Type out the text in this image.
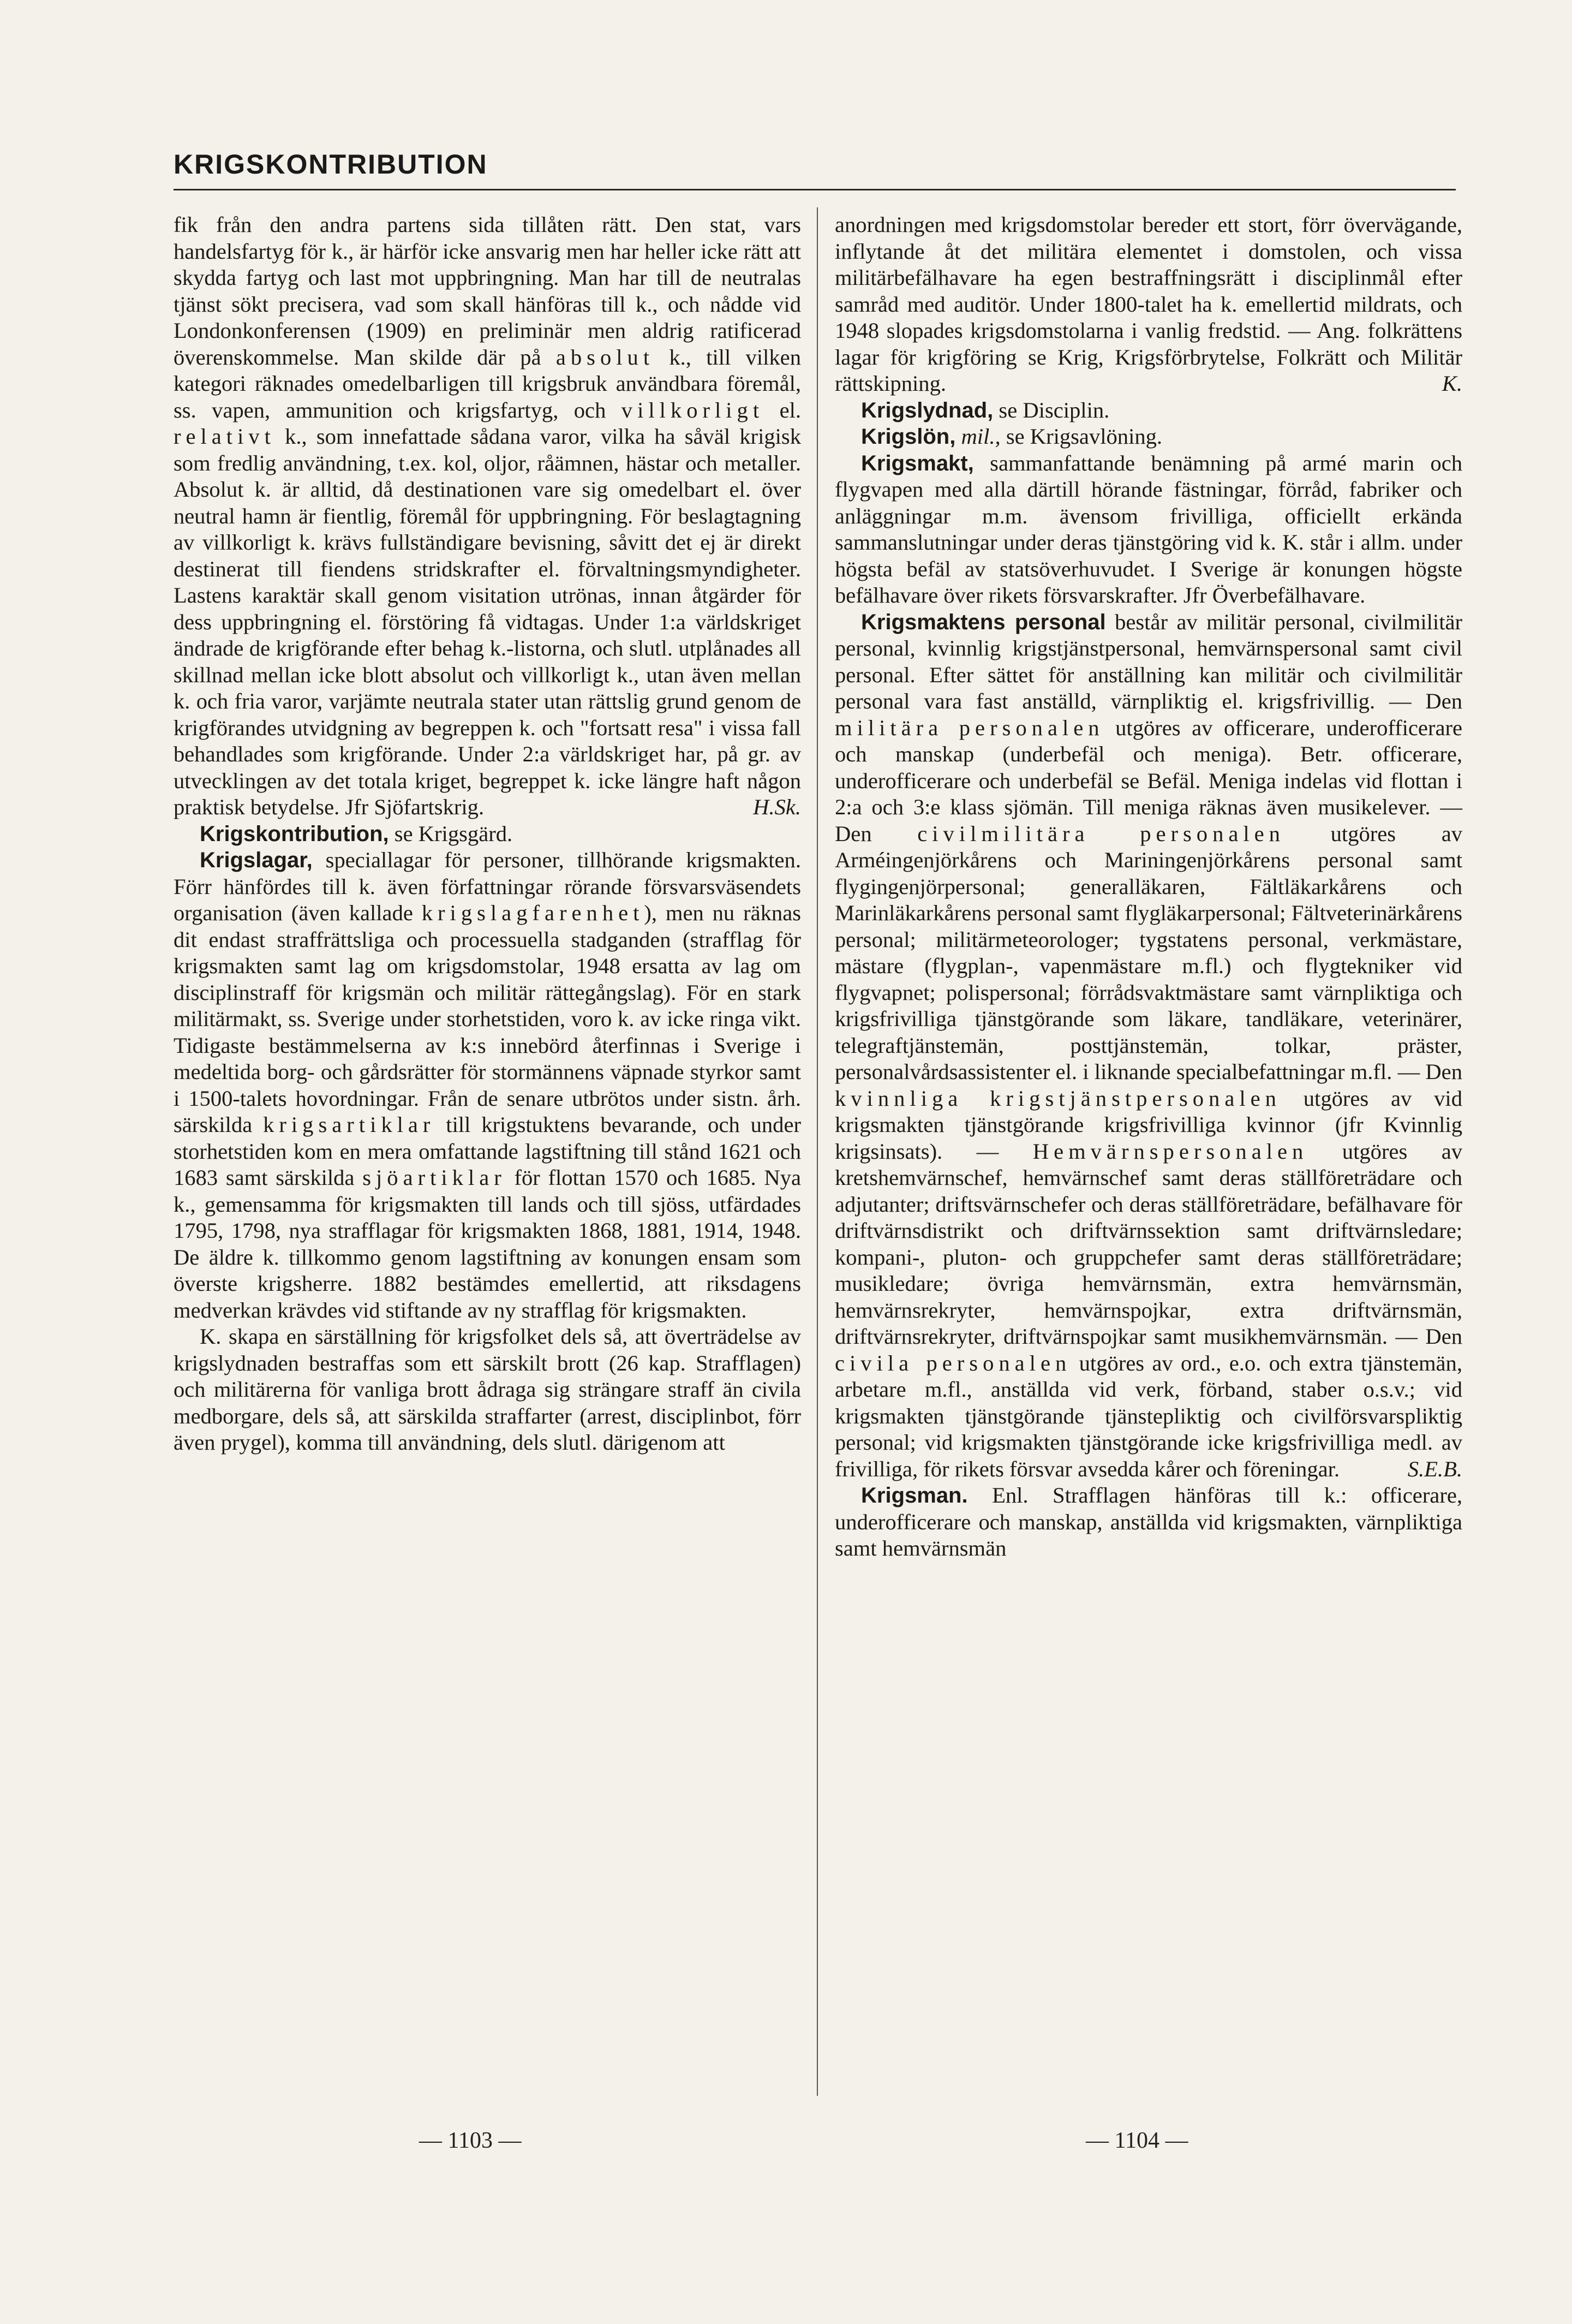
KRIGSKONTRIBUTION

fik från den andra partens sida tillåten rätt. Den stat, vars handelsfartyg för k., är härför icke ansvarig men har heller icke rätt att skydda fartyg och last mot uppbringning. Man har till de neutralas tjänst sökt precisera, vad som skall hänföras till k., och nådde vid Londonkonferensen (1909) en preliminär men aldrig ratificerad överenskommelse. Man skilde där på absolut k., till vilken kategori räknades omedelbarligen till krigsbruk användbara föremål, ss. vapen, ammunition och krigsfartyg, och villkorligt el. relativt k., som innefattade sådana varor, vilka ha såväl krigisk som fredlig användning, t.ex. kol, oljor, råämnen, hästar och metaller. Absolut k. är alltid, då destinationen vare sig omedelbart el. över neutral hamn är fientlig, föremål för uppbringning. För beslagtagning av villkorligt k. krävs fullständigare bevisning, såvitt det ej är direkt destinerat till fiendens stridskrafter el. förvaltningsmyndigheter. Lastens karaktär skall genom visitation utrönas, innan åtgärder för dess uppbringning el. förstöring få vidtagas. Under 1:a världskriget ändrade de krigförande efter behag k.-listorna, och slutl. utplånades all skillnad mellan icke blott absolut och villkorligt k., utan även mellan k. och fria varor, varjämte neutrala stater utan rättslig grund genom de krigförandes utvidgning av begreppen k. och "fortsatt resa" i vissa fall behandlades som krigförande. Under 2:a världskriget har, på gr. av utvecklingen av det totala kriget, begreppet k. icke längre haft någon praktisk betydelse. Jfr Sjöfartskrig.	H.Sk.

Krigskontribution, se Krigsgärd.

Krigslagar, speciallagar för personer, tillhörande krigsmakten. Förr hänfördes till k. även författningar rörande försvarsväsendets organisation (även kallade krigslagfarenhet), men nu räknas dit endast straffrättsliga och processuella stadganden (strafflag för krigsmakten samt lag om krigsdomstolar, 1948 ersatta av lag om disciplinstraff för krigsmän och militär rättegångslag). För en stark militärmakt, ss. Sverige under storhetstiden, voro k. av icke ringa vikt. Tidigaste bestämmelserna av k:s innebörd återfinnas i Sverige i medeltida borg- och gårdsrätter för stormännens väpnade styrkor samt i 1500-talets hovordningar. Från de senare utbrötos under sistn. årh. särskilda krigsartiklar till krigstuktens bevarande, och under storhetstiden kom en mera omfattande lagstiftning till stånd 1621 och 1683 samt särskilda sjöartiklar för flottan 1570 och 1685. Nya k., gemensamma för krigsmakten till lands och till sjöss, utfärdades 1795, 1798, nya strafflagar för krigsmakten 1868, 1881, 1914, 1948. De äldre k. tillkommo genom lagstiftning av konungen ensam som överste krigsherre. 1882 bestämdes emellertid, att riksdagens medverkan krävdes vid stiftande av ny strafflag för krigsmakten.

K. skapa en särställning för krigsfolket dels så, att överträdelse av krigslydnaden bestraffas som ett särskilt brott (26 kap. Strafflagen) och militärerna för vanliga brott ådraga sig strängare straff än civila medborgare, dels så, att särskilda straffarter (arrest, disciplinbot, förr även prygel), komma till användning, dels slutl. därigenom att

anordningen med krigsdomstolar bereder ett stort, förr övervägande, inflytande åt det militära elementet i domstolen, och vissa militärbefälhavare ha egen bestraffningsrätt i disciplinmål efter samråd med auditör. Under 1800-talet ha k. emellertid mildrats, och 1948 slopades krigsdomstolarna i vanlig fredstid. — Ang. folkrättens lagar för krigföring se Krig, Krigsförbrytelse, Folkrätt och Militär rättskipning.	K.

Krigslydnad, se Disciplin.

Krigslön, mil., se Krigsavlöning.

Krigsmakt, sammanfattande benämning på armé marin och flygvapen med alla därtill hörande fästningar, förråd, fabriker och anläggningar m.m. ävensom frivilliga, officiellt erkända sammanslutningar under deras tjänstgöring vid k. K. står i allm. under högsta befäl av statsöverhuvudet. I Sverige är konungen högste befälhavare över rikets försvarskrafter. Jfr Överbefälhavare.

Krigsmaktens personal består av militär personal, civilmilitär personal, kvinnlig krigstjänstpersonal, hemvärnspersonal samt civil personal. Efter sättet för anställning kan militär och civilmilitär personal vara fast anställd, värnpliktig el. krigsfrivillig. — Den militära personalen utgöres av officerare, underofficerare och manskap (underbefäl och meniga). Betr. officerare, underofficerare och underbefäl se Befäl. Meniga indelas vid flottan i 2:a och 3:e klass sjömän. Till meniga räknas även musikelever. — Den civilmilitära personalen utgöres av Arméingenjörkårens och Mariningenjörkårens personal samt flygingenjörpersonal; generalläkaren, Fältläkarkårens och Marinläkarkårens personal samt flygläkarpersonal; Fältveterinärkårens personal; militärmeteorologer; tygstatens personal, verkmästare, mästare (flygplan-, vapenmästare m.fl.) och flygtekniker vid flygvapnet; polispersonal; förrådsvaktmästare samt värnpliktiga och krigsfrivilliga tjänstgörande som läkare, tandläkare, veterinärer, telegraftjänstemän, posttjänstemän, tolkar, präster, personalvårdsassistenter el. i liknande specialbefattningar m.fl. — Den kvinnliga krigstjänstpersonalen utgöres av vid krigsmakten tjänstgörande krigsfrivilliga kvinnor (jfr Kvinnlig krigsinsats). — Hemvärnspersonalen utgöres av kretshemvärnschef, hemvärnschef samt deras ställföreträdare och adjutanter; driftsvärnschefer och deras ställföreträdare, befälhavare för driftvärnsdistrikt och driftvärnssektion samt driftvärnsledare; kompani-, pluton- och gruppchefer samt deras ställföreträdare; musikledare; övriga hemvärnsmän, extra hemvärnsmän, hemvärnsrekryter, hemvärnspojkar, extra driftvärnsmän, driftvärnsrekryter, driftvärnspojkar samt musikhemvärnsmän. — Den civila personalen utgöres av ord., e.o. och extra tjänstemän, arbetare m.fl., anställda vid verk, förband, staber o.s.v.; vid krigsmakten tjänstgörande tjänstepliktig och civilförsvarspliktig personal; vid krigsmakten tjänstgörande icke krigsfrivilliga medl. av frivilliga, för rikets försvar avsedda kårer och föreningar.	S.E.B.

Krigsman. Enl. Strafflagen hänföras till k.: officerare, underofficerare och manskap, anställda vid krigsmakten, värnpliktiga samt hemvärnsmän

— 1103 —	— 1104 —
